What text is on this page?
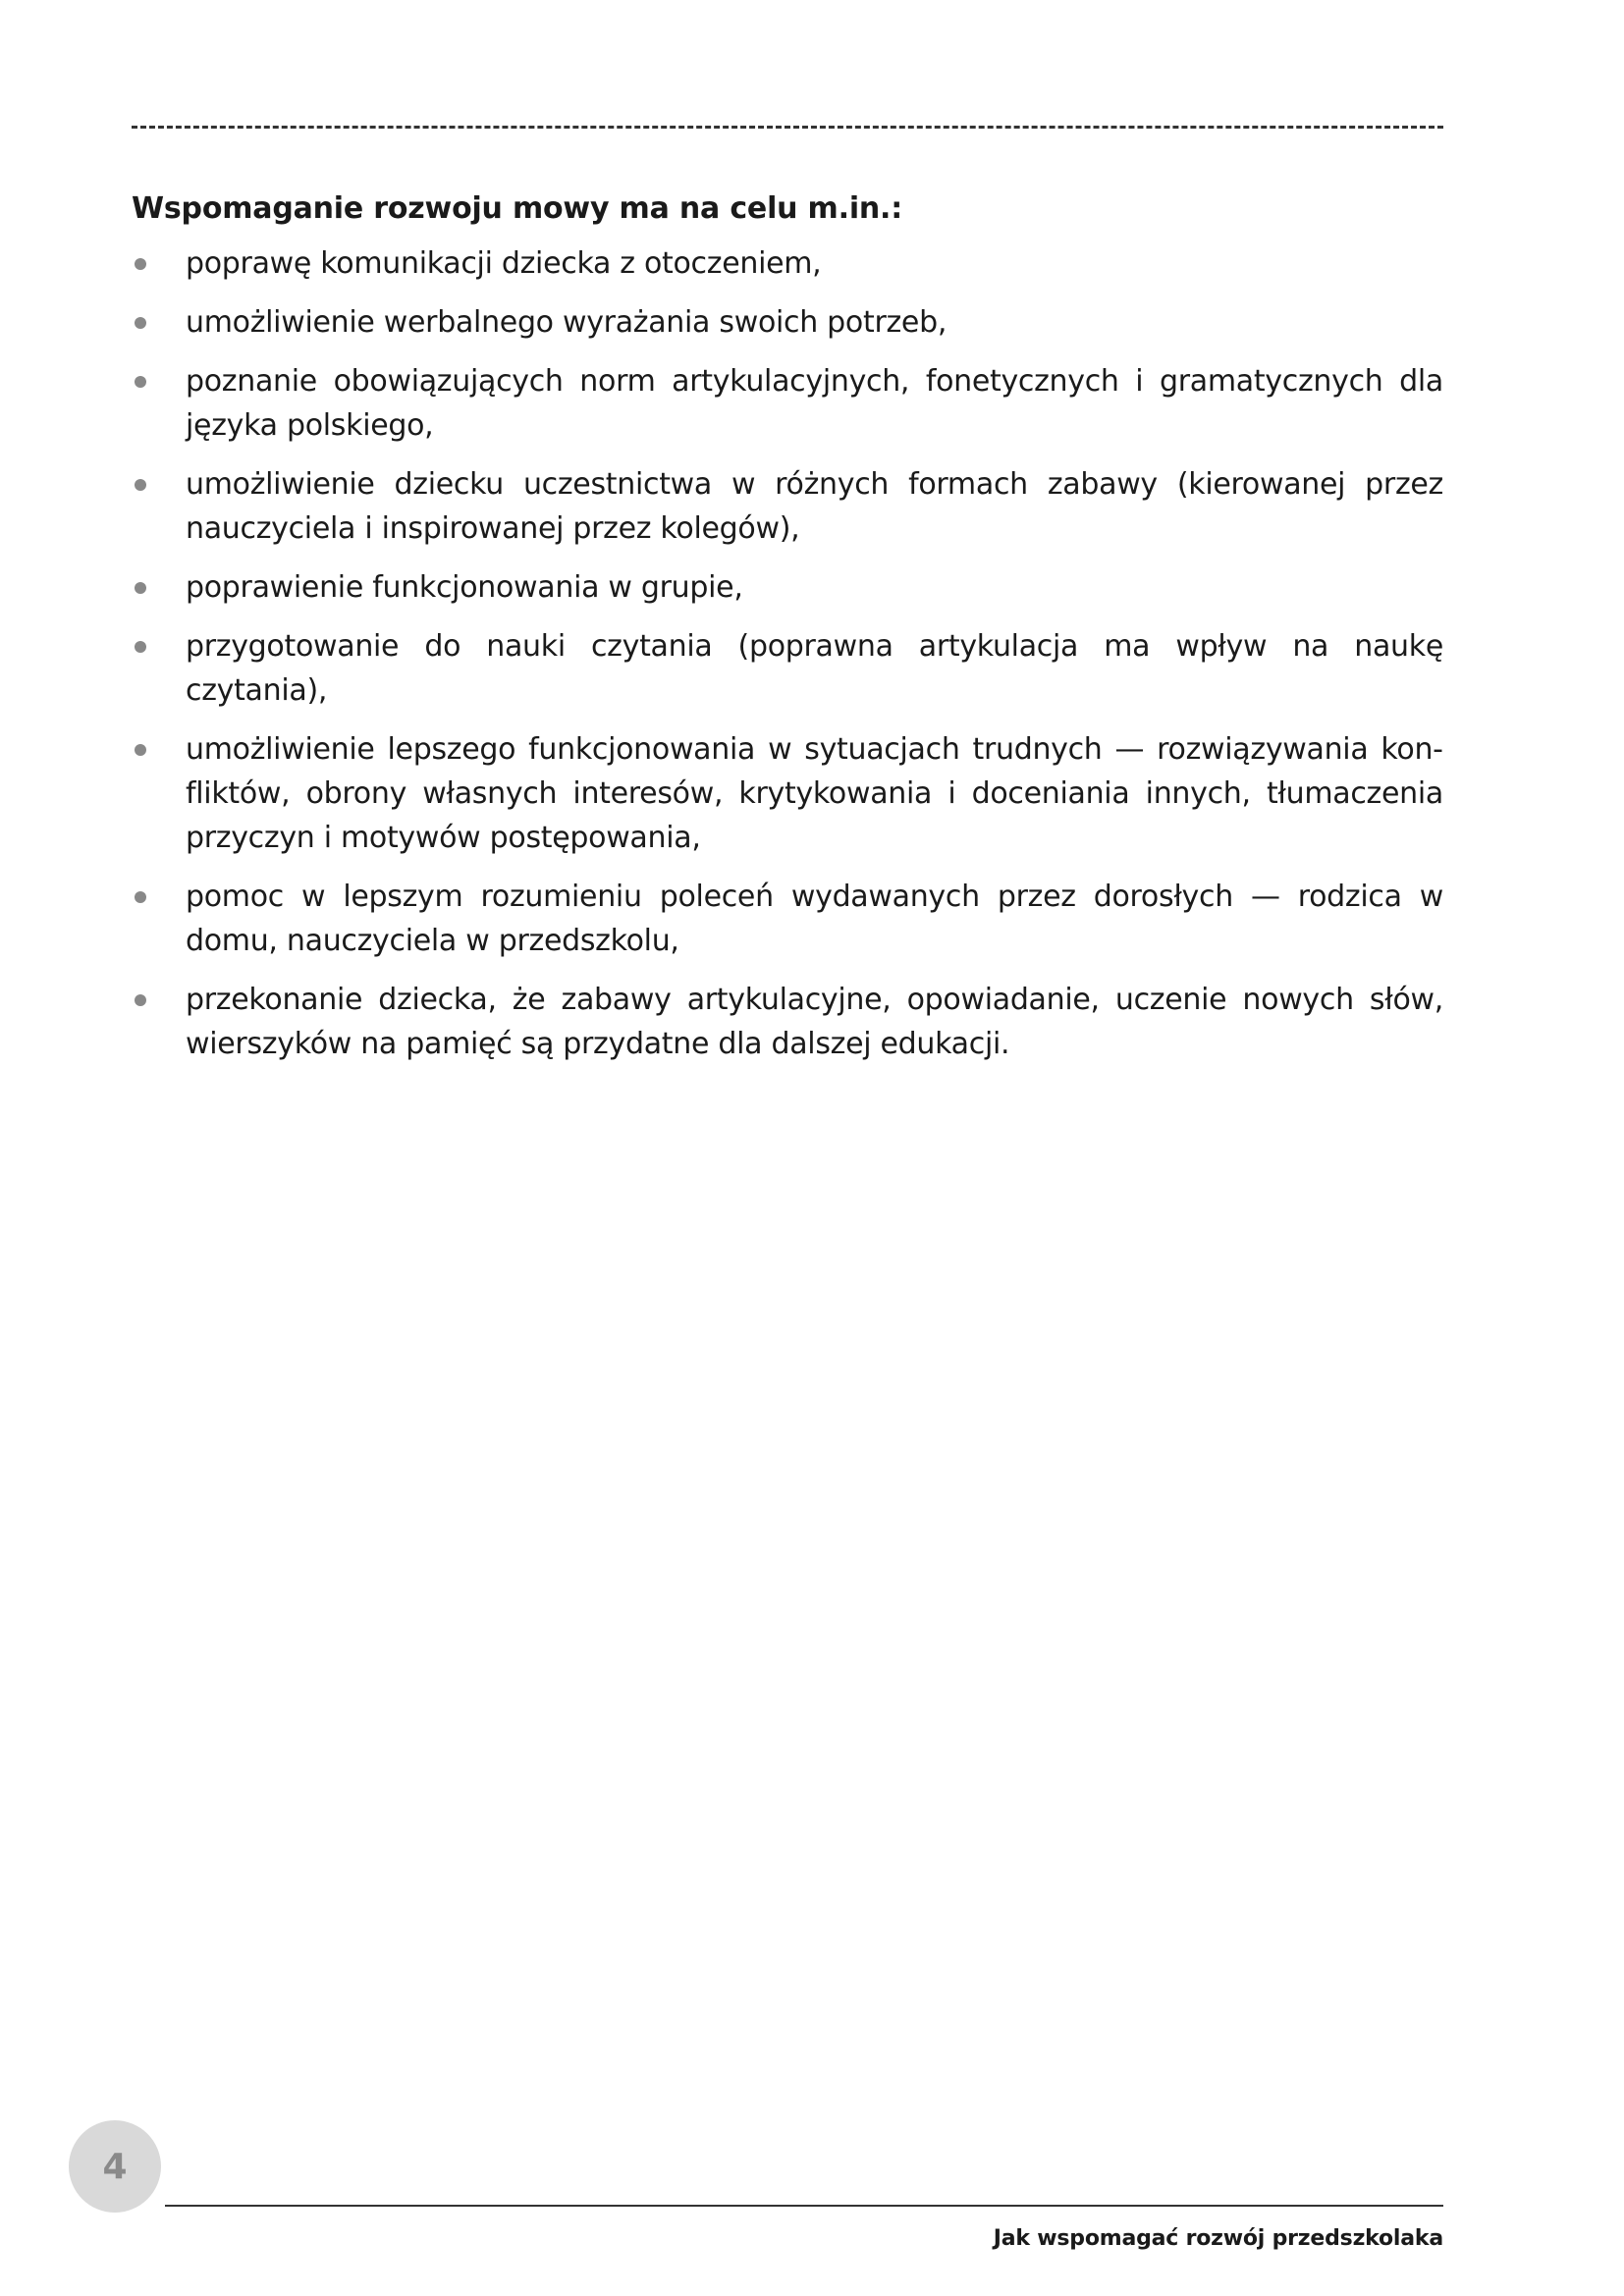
Wspomaganie rozwoju mowy ma na celu m.in.:

poprawę komunikacji dziecka z otoczeniem,
umożliwienie werbalnego wyrażania swoich potrzeb,
poznanie obowiązujących norm artykulacyjnych, fonetycznych i gramatycznych dla języka polskiego,
umożliwienie dziecku uczestnictwa w różnych formach zabawy (kierowanej przez nauczyciela i inspirowanej przez kolegów),
poprawienie funkcjonowania w grupie,
przygotowanie do nauki czytania (poprawna artykulacja ma wpływ na naukę czytania),
umożliwienie lepszego funkcjonowania w sytuacjach trudnych — rozwiązywania konfliktów, obrony własnych interesów, krytykowania i doceniania innych, tłumaczenia przyczyn i motywów postępowania,
pomoc w lepszym rozumieniu poleceń wydawanych przez dorosłych — rodzica w domu, nauczyciela w przedszkolu,
przekonanie dziecka, że zabawy artykulacyjne, opowiadanie, uczenie nowych słów, wierszyków na pamięć są przydatne dla dalszej edukacji.
4
Jak wspomagać rozwój przedszkolaka
